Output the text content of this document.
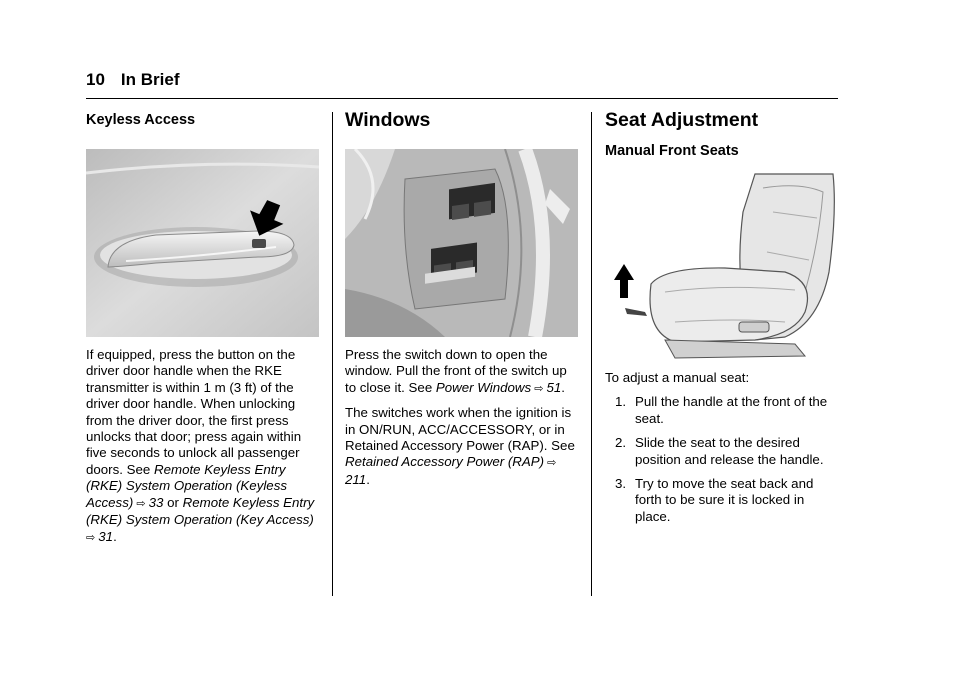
10 In Brief
Keyless Access

If equipped, press the button on the driver door handle when the RKE transmitter is within 1 m (3 ft) of the driver door handle. When unlocking from the driver door, the first press unlocks that door; press again within five seconds to unlock all passenger doors. See Remote Keyless Entry (RKE) System Operation (Keyless Access) ⇨ 33 or Remote Keyless Entry (RKE) System Operation (Key Access) ⇨ 31.

Windows

Press the switch down to open the window. Pull the front of the switch up to close it. See Power Windows ⇨ 51.

The switches work when the ignition is in ON/RUN, ACC/ACCESSORY, or in Retained Accessory Power (RAP). See Retained Accessory Power (RAP) ⇨ 211.

Seat Adjustment
Manual Front Seats

To adjust a manual seat:

1. Pull the handle at the front of the seat.
2. Slide the seat to the desired position and release the handle.
3. Try to move the seat back and forth to be sure it is locked in place.
